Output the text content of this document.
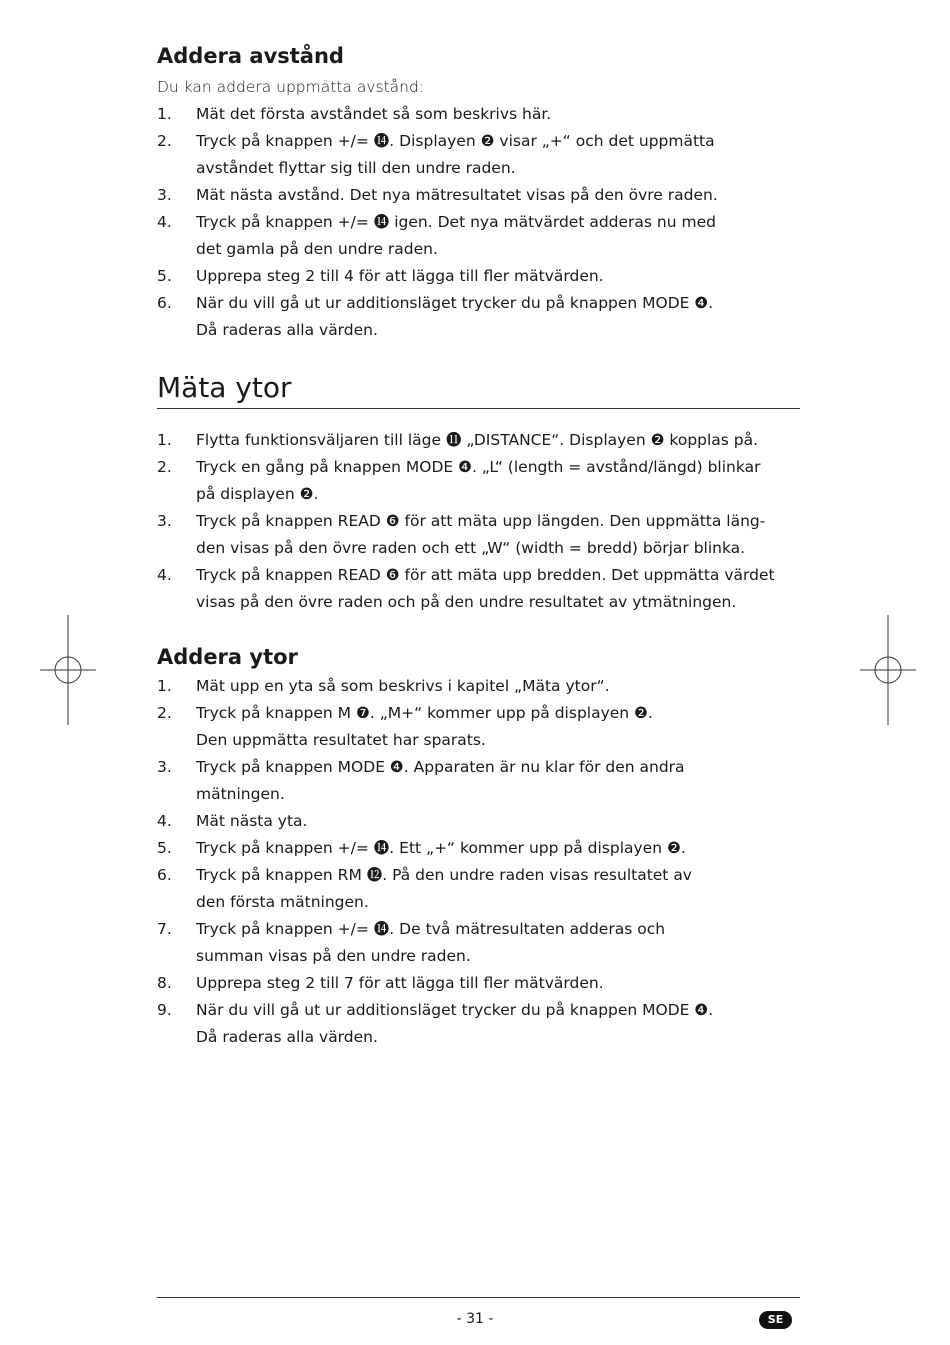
Addera avstånd

Du kan addera uppmätta avstånd:

1. Mät det första avståndet så som beskrivs här.
2. Tryck på knappen +/= ⓮. Displayen ❷ visar „+“ och det uppmätta
avståndet flyttar sig till den undre raden.
3. Mät nästa avstånd. Det nya mätresultatet visas på den övre raden.
4. Tryck på knappen +/= ⓮ igen. Det nya mätvärdet adderas nu med
det gamla på den undre raden.
5. Upprepa steg 2 till 4 för att lägga till fler mätvärden.
6. När du vill gå ut ur additionsläget trycker du på knappen MODE ❹.
Då raderas alla värden.
Mäta ytor
1. Flytta funktionsväljaren till läge ⓫ „DISTANCE“. Displayen ❷ kopplas på.
2. Tryck en gång på knappen MODE ❹. „L“ (length = avstånd/längd) blinkar
på displayen ❷.
3. Tryck på knappen READ ❻ för att mäta upp längden. Den uppmätta läng-
den visas på den övre raden och ett „W“ (width = bredd) börjar blinka.
4. Tryck på knappen READ ❻ för att mäta upp bredden. Det uppmätta värdet
visas på den övre raden och på den undre resultatet av ytmätningen.
Addera ytor
1. Mät upp en yta så som beskrivs i kapitel „Mäta ytor“.
2. Tryck på knappen M ❼. „M+“ kommer upp på displayen ❷.
Den uppmätta resultatet har sparats.
3. Tryck på knappen MODE ❹. Apparaten är nu klar för den andra
mätningen.
4. Mät nästa yta.
5. Tryck på knappen +/= ⓮. Ett „+“ kommer upp på displayen ❷.
6. Tryck på knappen RM ⓬. På den undre raden visas resultatet av
den första mätningen.
7. Tryck på knappen +/= ⓮. De två mätresultaten adderas och
summan visas på den undre raden.
8. Upprepa steg 2 till 7 för att lägga till fler mätvärden.
9. När du vill gå ut ur additionsläget trycker du på knappen MODE ❹.
Då raderas alla värden.
- 31 -	SE
